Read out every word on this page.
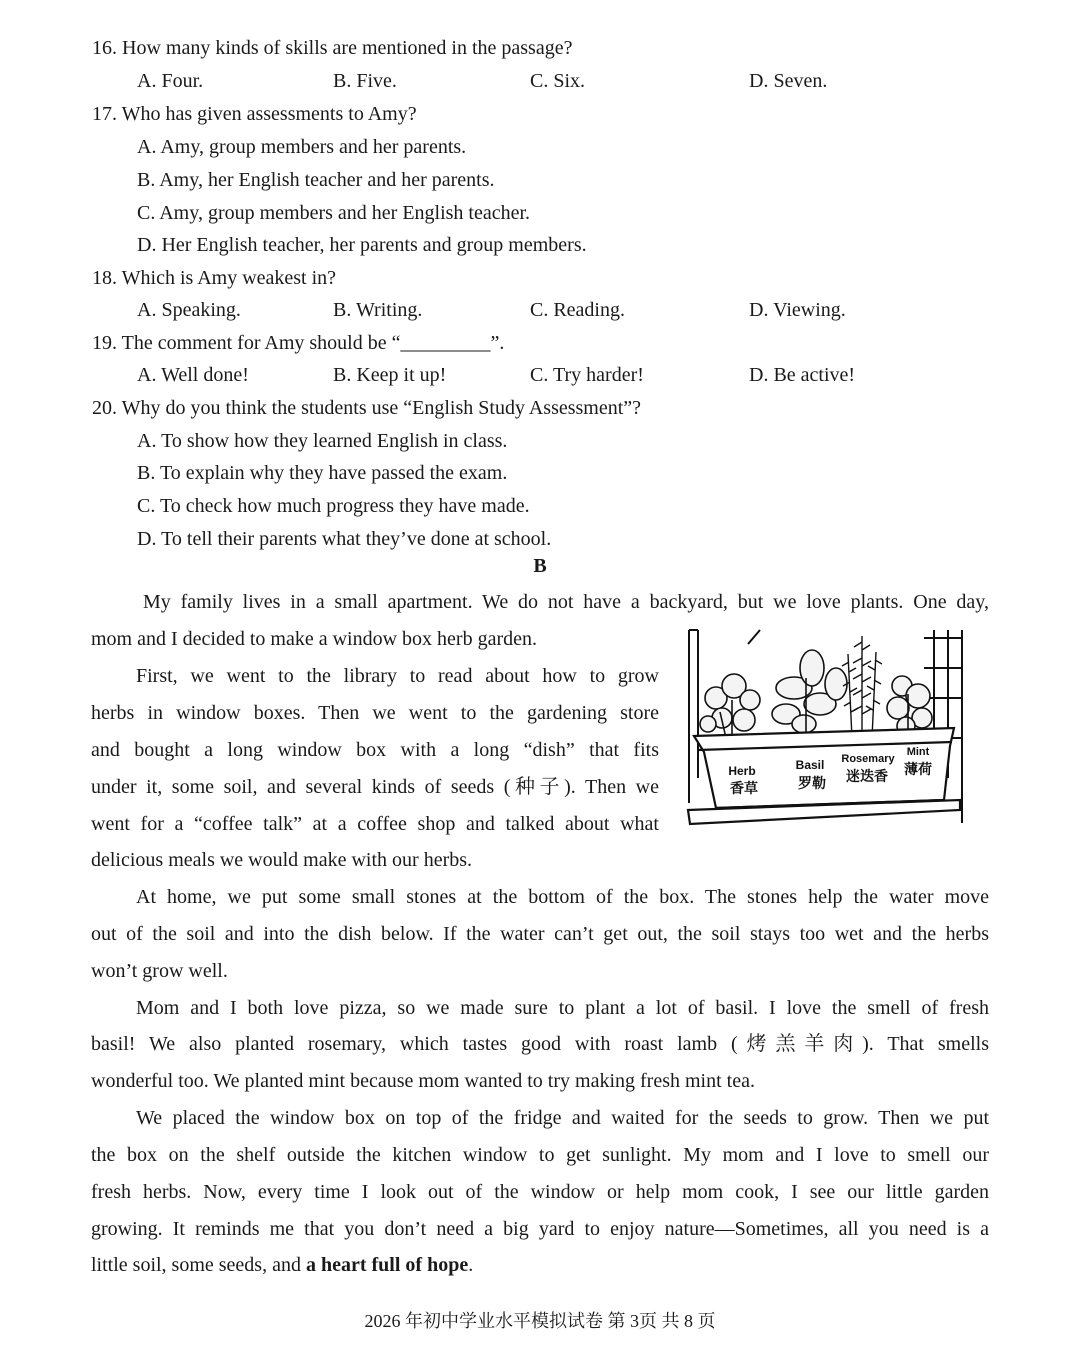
16. How many kinds of skills are mentioned in the passage?
A. Four.	B. Five.	C. Six.	D. Seven.
17. Who has given assessments to Amy?
A. Amy, group members and her parents.
B. Amy, her English teacher and her parents.
C. Amy, group members and her English teacher.
D. Her English teacher, her parents and group members.
18. Which is Amy weakest in?
A. Speaking.	B. Writing.	C. Reading.	D. Viewing.
19. The comment for Amy should be “_________”.
A. Well done!	B. Keep it up!	C. Try harder!	D. Be active!
20. Why do you think the students use “English Study Assessment”?
A. To show how they learned English in class.
B. To explain why they have passed the exam.
C. To check how much progress they have made.
D. To tell their parents what they’ve done at school.
B
My family lives in a small apartment. We do not have a backyard, but we love plants. One day,
mom and I decided to make a window box herb garden.
First, we went to the library to read about how to grow
herbs in window boxes. Then we went to the gardening store
and bought a long window box with a long “dish” that fits
under it, some soil, and several kinds of seeds (种子). Then we
went for a “coffee talk” at a coffee shop and talked about what
delicious meals we would make with our herbs.
At home, we put some small stones at the bottom of the box. The stones help the water move
out of the soil and into the dish below. If the water can’t get out, the soil stays too wet and the herbs
won’t grow well.
Mom and I both love pizza, so we made sure to plant a lot of basil. I love the smell of fresh
basil! We also planted rosemary, which tastes good with roast lamb (烤羔羊肉). That smells
wonderful too. We planted mint because mom wanted to try making fresh mint tea.
We placed the window box on top of the fridge and waited for the seeds to grow. Then we put
the box on the shelf outside the kitchen window to get sunlight. My mom and I love to smell our
fresh herbs. Now, every time I look out of the window or help mom cook, I see our little garden
growing. It reminds me that you don’t need a big yard to enjoy nature—Sometimes, all you need is a
little soil, some seeds, and a heart full of hope.
Herb
香草
Basil
罗勒
Rosemary
迷迭香
Mint
薄荷
2026 年初中学业水平模拟试卷 第 3页 共 8 页
